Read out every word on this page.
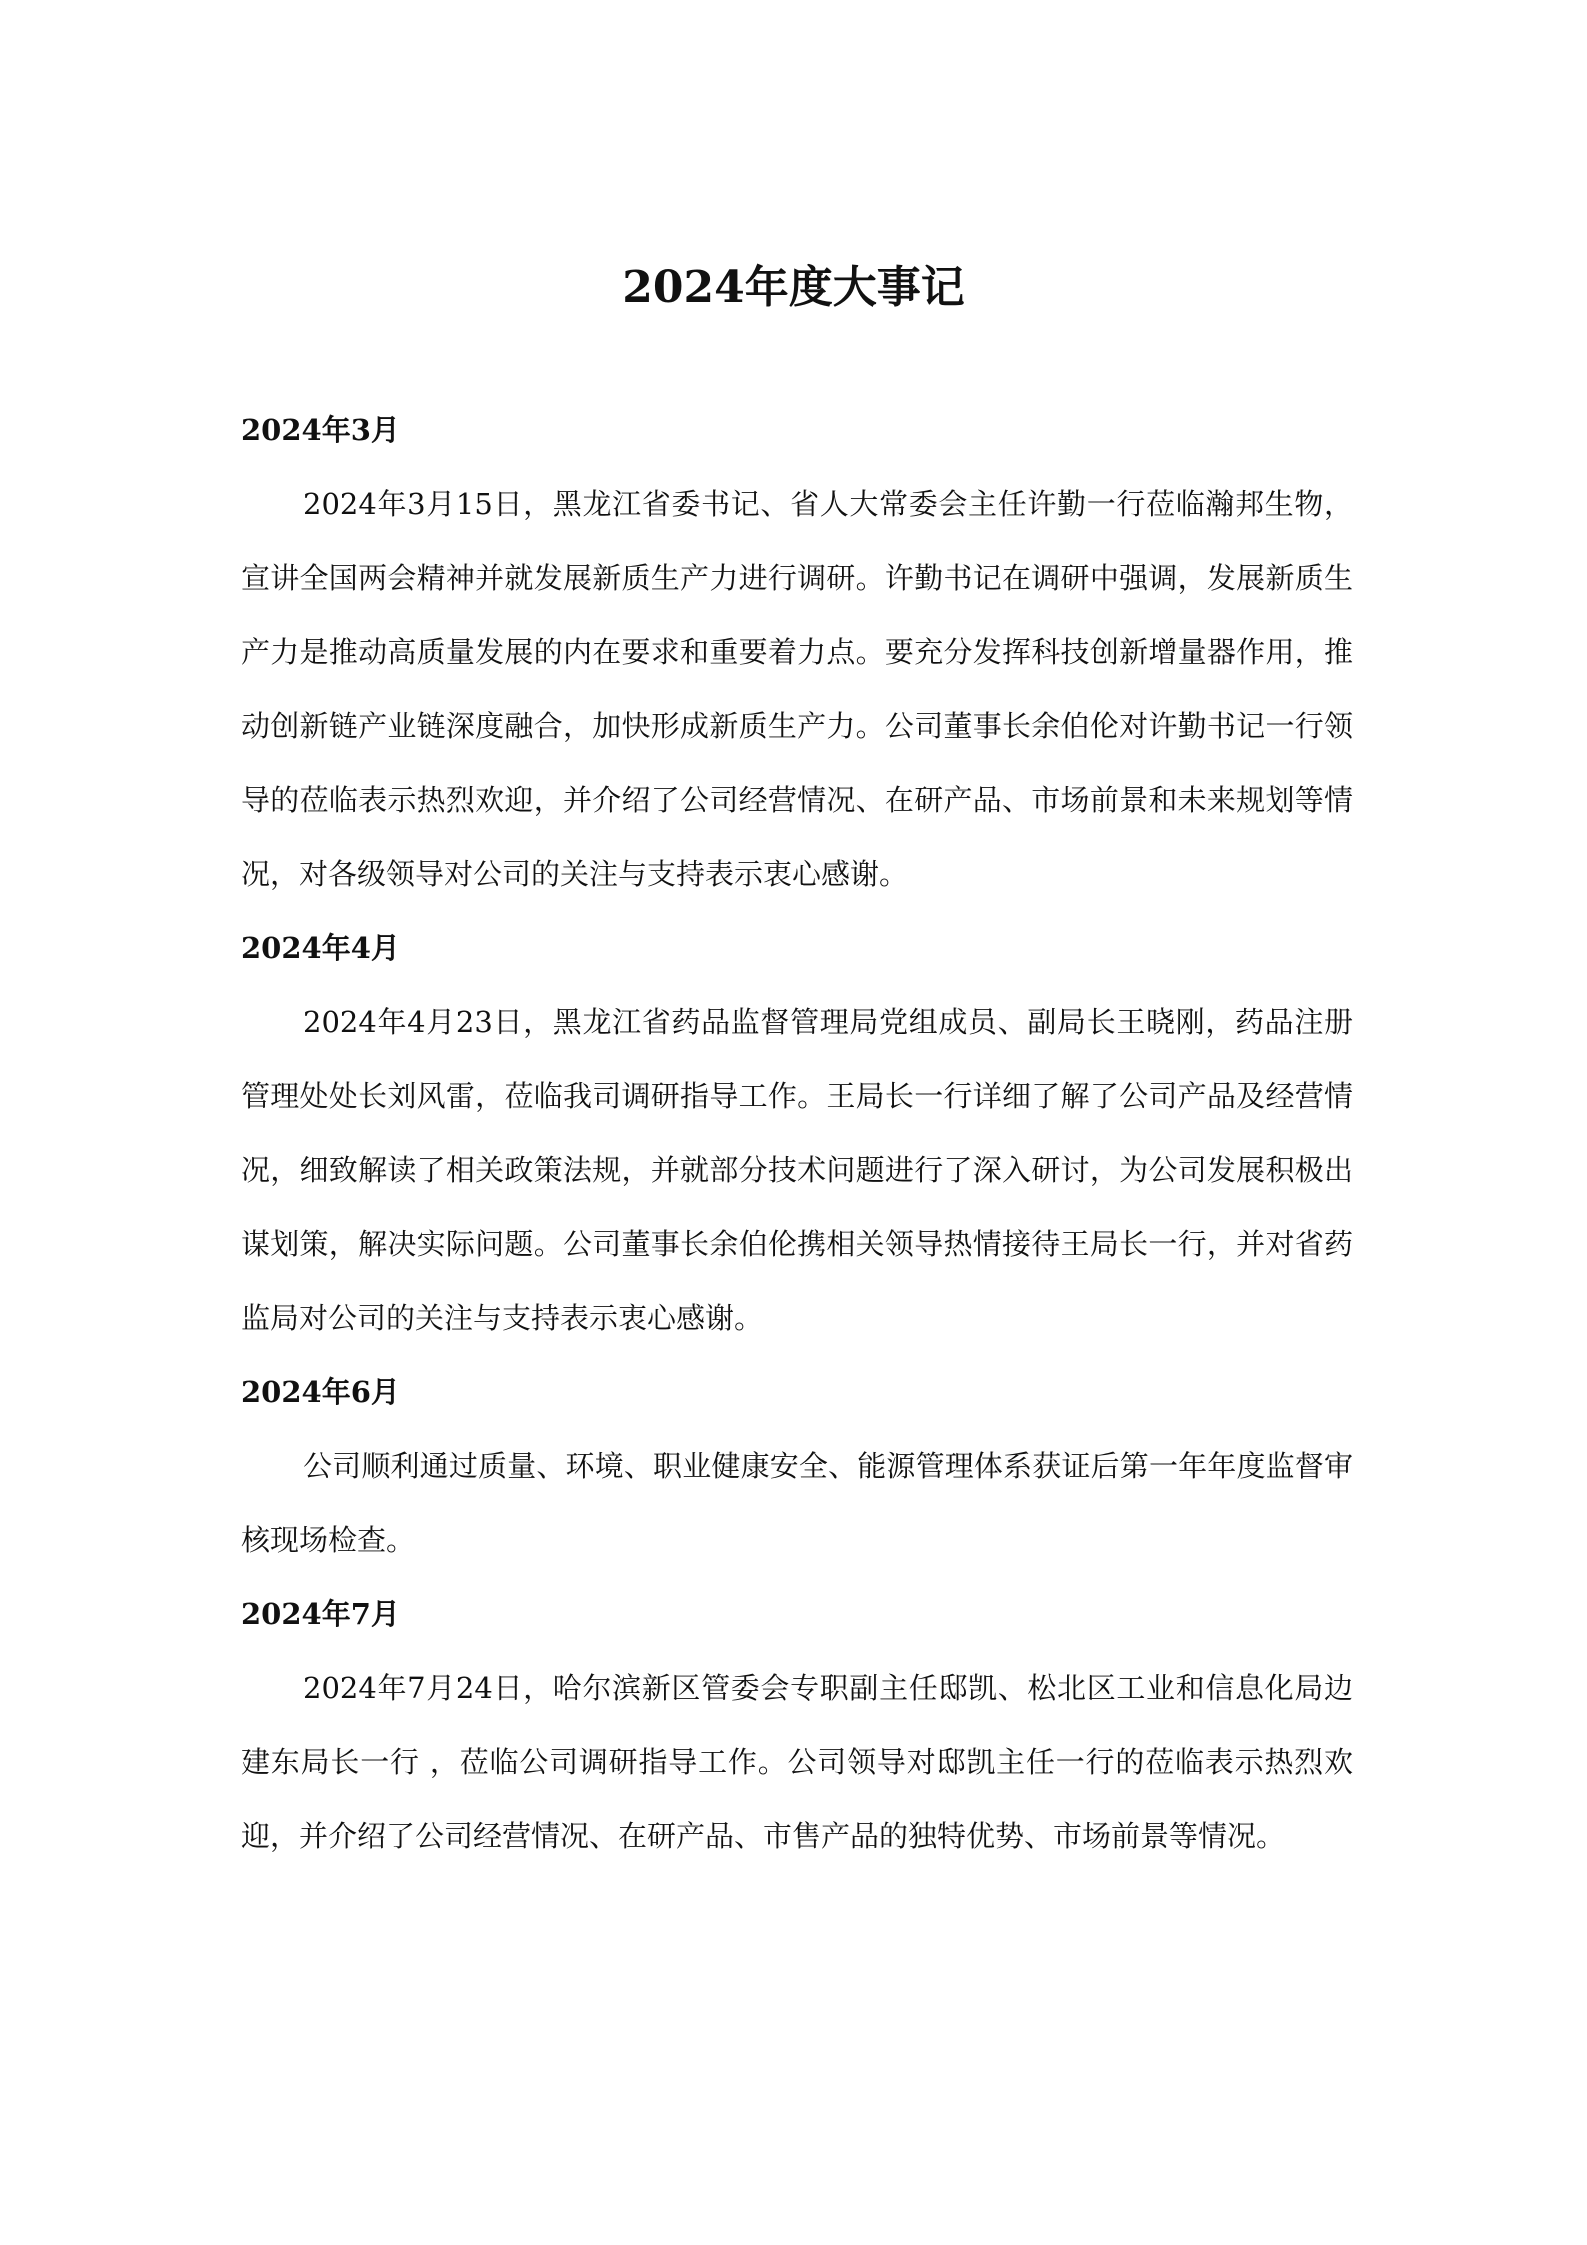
2024年度大事记

2024年3月

2024年3月15日，黑龙江省委书记、省人大常委会主任许勤一行莅临瀚邦生物，宣讲全国两会精神并就发展新质生产力进行调研。许勤书记在调研中强调，发展新质生产力是推动高质量发展的内在要求和重要着力点。要充分发挥科技创新增量器作用，推动创新链产业链深度融合，加快形成新质生产力。公司董事长余伯伦对许勤书记一行领导的莅临表示热烈欢迎，并介绍了公司经营情况、在研产品、市场前景和未来规划等情况，对各级领导对公司的关注与支持表示衷心感谢。

2024年4月

2024年4月23日，黑龙江省药品监督管理局党组成员、副局长王晓刚，药品注册管理处处长刘风雷，莅临我司调研指导工作。王局长一行详细了解了公司产品及经营情况，细致解读了相关政策法规，并就部分技术问题进行了深入研讨，为公司发展积极出谋划策，解决实际问题。公司董事长余伯伦携相关领导热情接待王局长一行，并对省药监局对公司的关注与支持表示衷心感谢。

2024年6月

公司顺利通过质量、环境、职业健康安全、能源管理体系获证后第一年年度监督审核现场检查。

2024年7月

2024年7月24日，哈尔滨新区管委会专职副主任邸凯、松北区工业和信息化局边建东局长一行 ，莅临公司调研指导工作。公司领导对邸凯主任一行的莅临表示热烈欢迎，并介绍了公司经营情况、在研产品、市售产品的独特优势、市场前景等情况。
